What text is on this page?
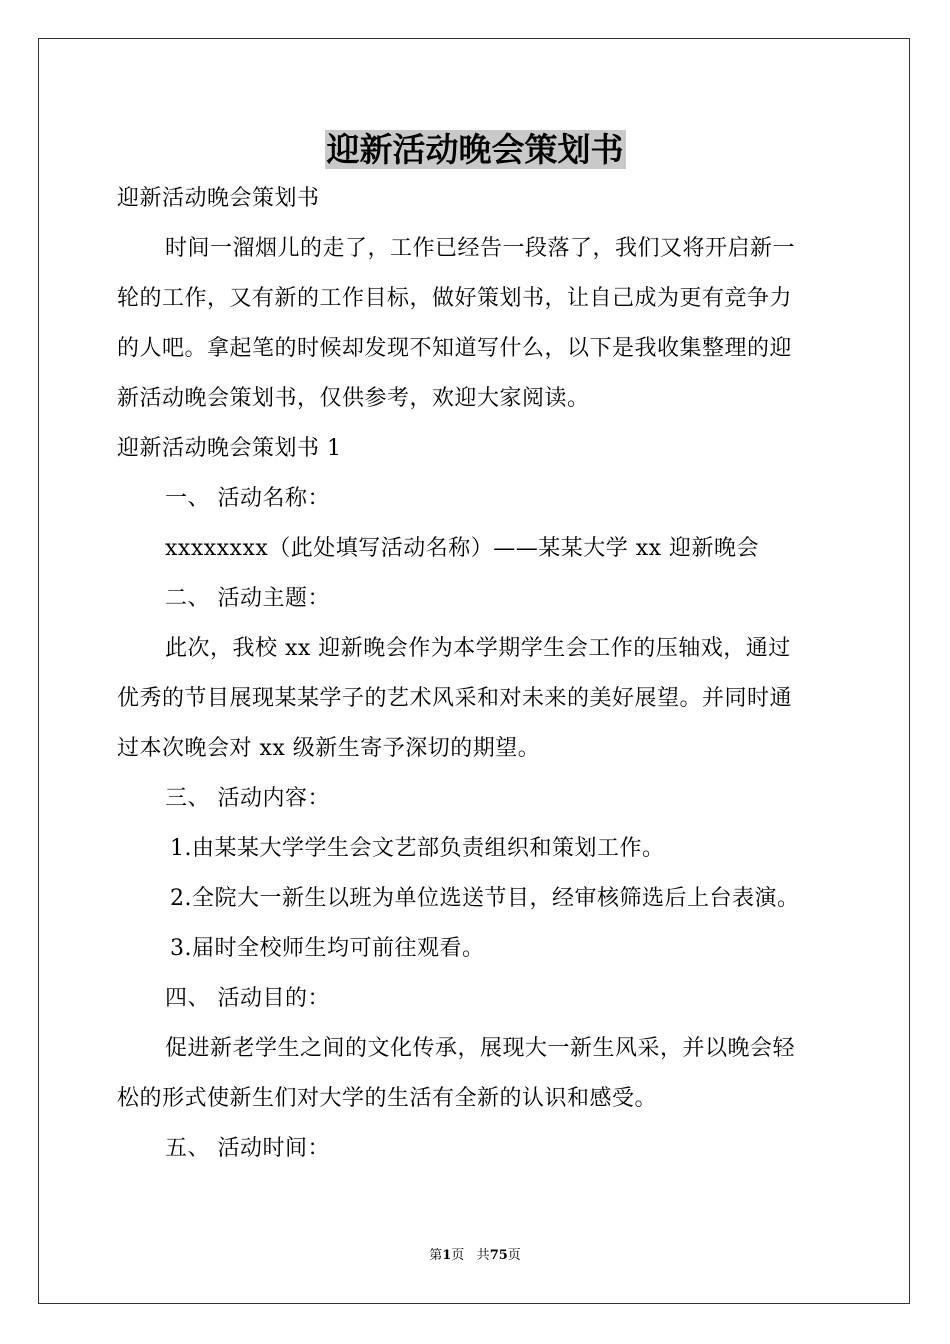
迎新活动晚会策划书
迎新活动晚会策划书
时间一溜烟儿的走了，工作已经告一段落了，我们又将开启新一
轮的工作，又有新的工作目标，做好策划书，让自己成为更有竞争力
的人吧。拿起笔的时候却发现不知道写什么，以下是我收集整理的迎
新活动晚会策划书，仅供参考，欢迎大家阅读。
迎新活动晚会策划书 1
一、 活动名称：
xxxxxxxx（此处填写活动名称）——某某大学 xx 迎新晚会
二、 活动主题：
此次，我校 xx 迎新晚会作为本学期学生会工作的压轴戏，通过
优秀的节目展现某某学子的艺术风采和对未来的美好展望。并同时通
过本次晚会对 xx 级新生寄予深切的期望。
三、 活动内容：
1.由某某大学学生会文艺部负责组织和策划工作。
2.全院大一新生以班为单位选送节目，经审核筛选后上台表演。
3.届时全校师生均可前往观看。
四、 活动目的：
促进新老学生之间的文化传承，展现大一新生风采，并以晚会轻
松的形式使新生们对大学的生活有全新的认识和感受。
五、 活动时间：
第1页 共75页
